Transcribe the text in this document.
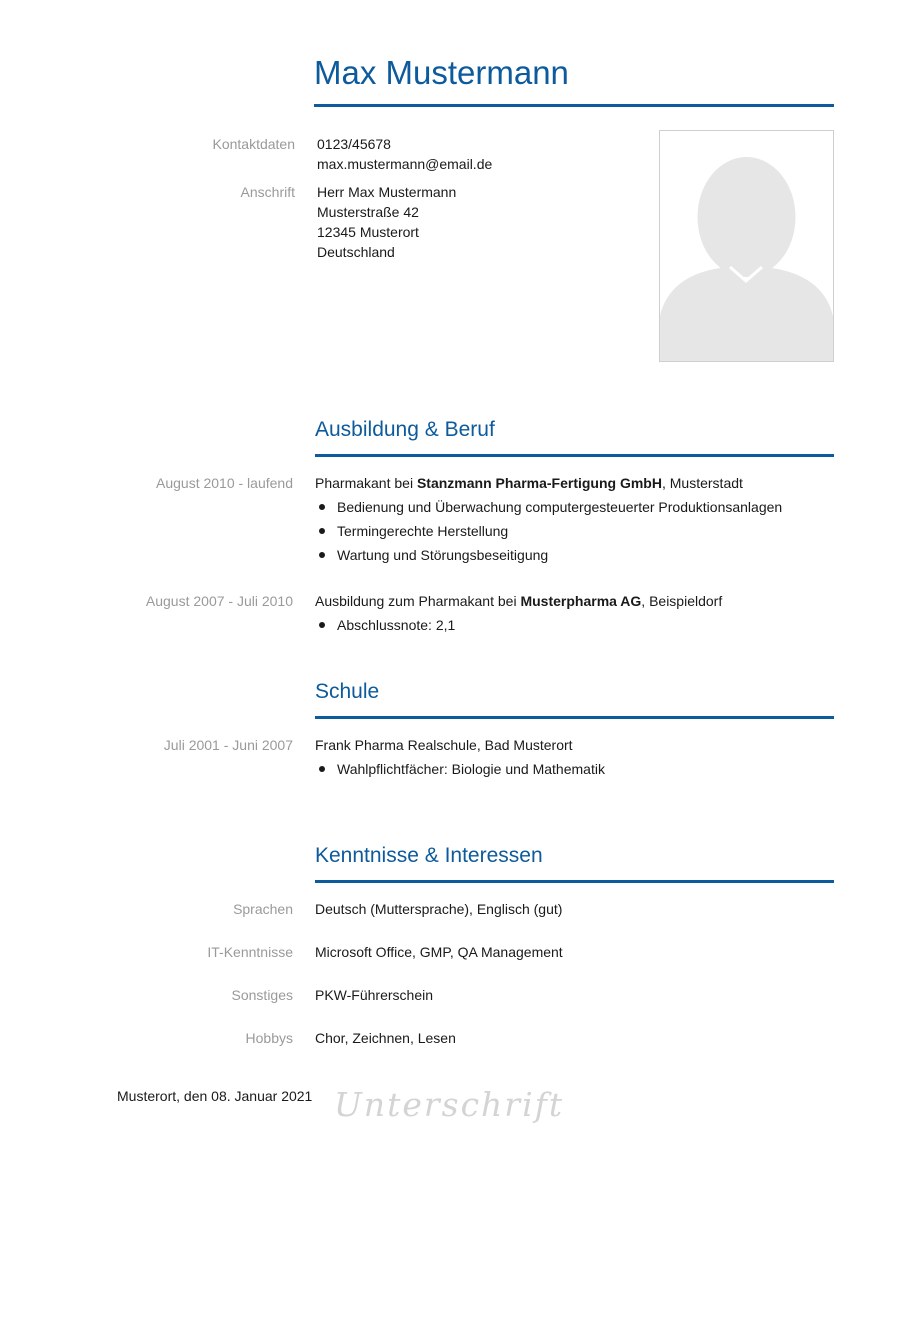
Max Mustermann
Kontaktdaten 0123/45678
max.mustermann@email.de
Anschrift Herr Max Mustermann
Musterstraße 42
12345 Musterort
Deutschland
Ausbildung & Beruf
August 2010 - laufend Pharmakant bei Stanzmann Pharma-Fertigung GmbH, Musterstadt
Bedienung und Überwachung computergesteuerter Produktionsanlagen
Termingerechte Herstellung
Wartung und Störungsbeseitigung
August 2007 - Juli 2010 Ausbildung zum Pharmakant bei Musterpharma AG, Beispieldorf
Abschlussnote: 2,1
Schule
Juli 2001 - Juni 2007 Frank Pharma Realschule, Bad Musterort
Wahlpflichtfächer: Biologie und Mathematik
Kenntnisse & Interessen
Sprachen Deutsch (Muttersprache), Englisch (gut)
IT-Kenntnisse Microsoft Office, GMP, QA Management
Sonstiges PKW-Führerschein
Hobbys Chor, Zeichnen, Lesen
Musterort, den 08. Januar 2021 Unterschrift
